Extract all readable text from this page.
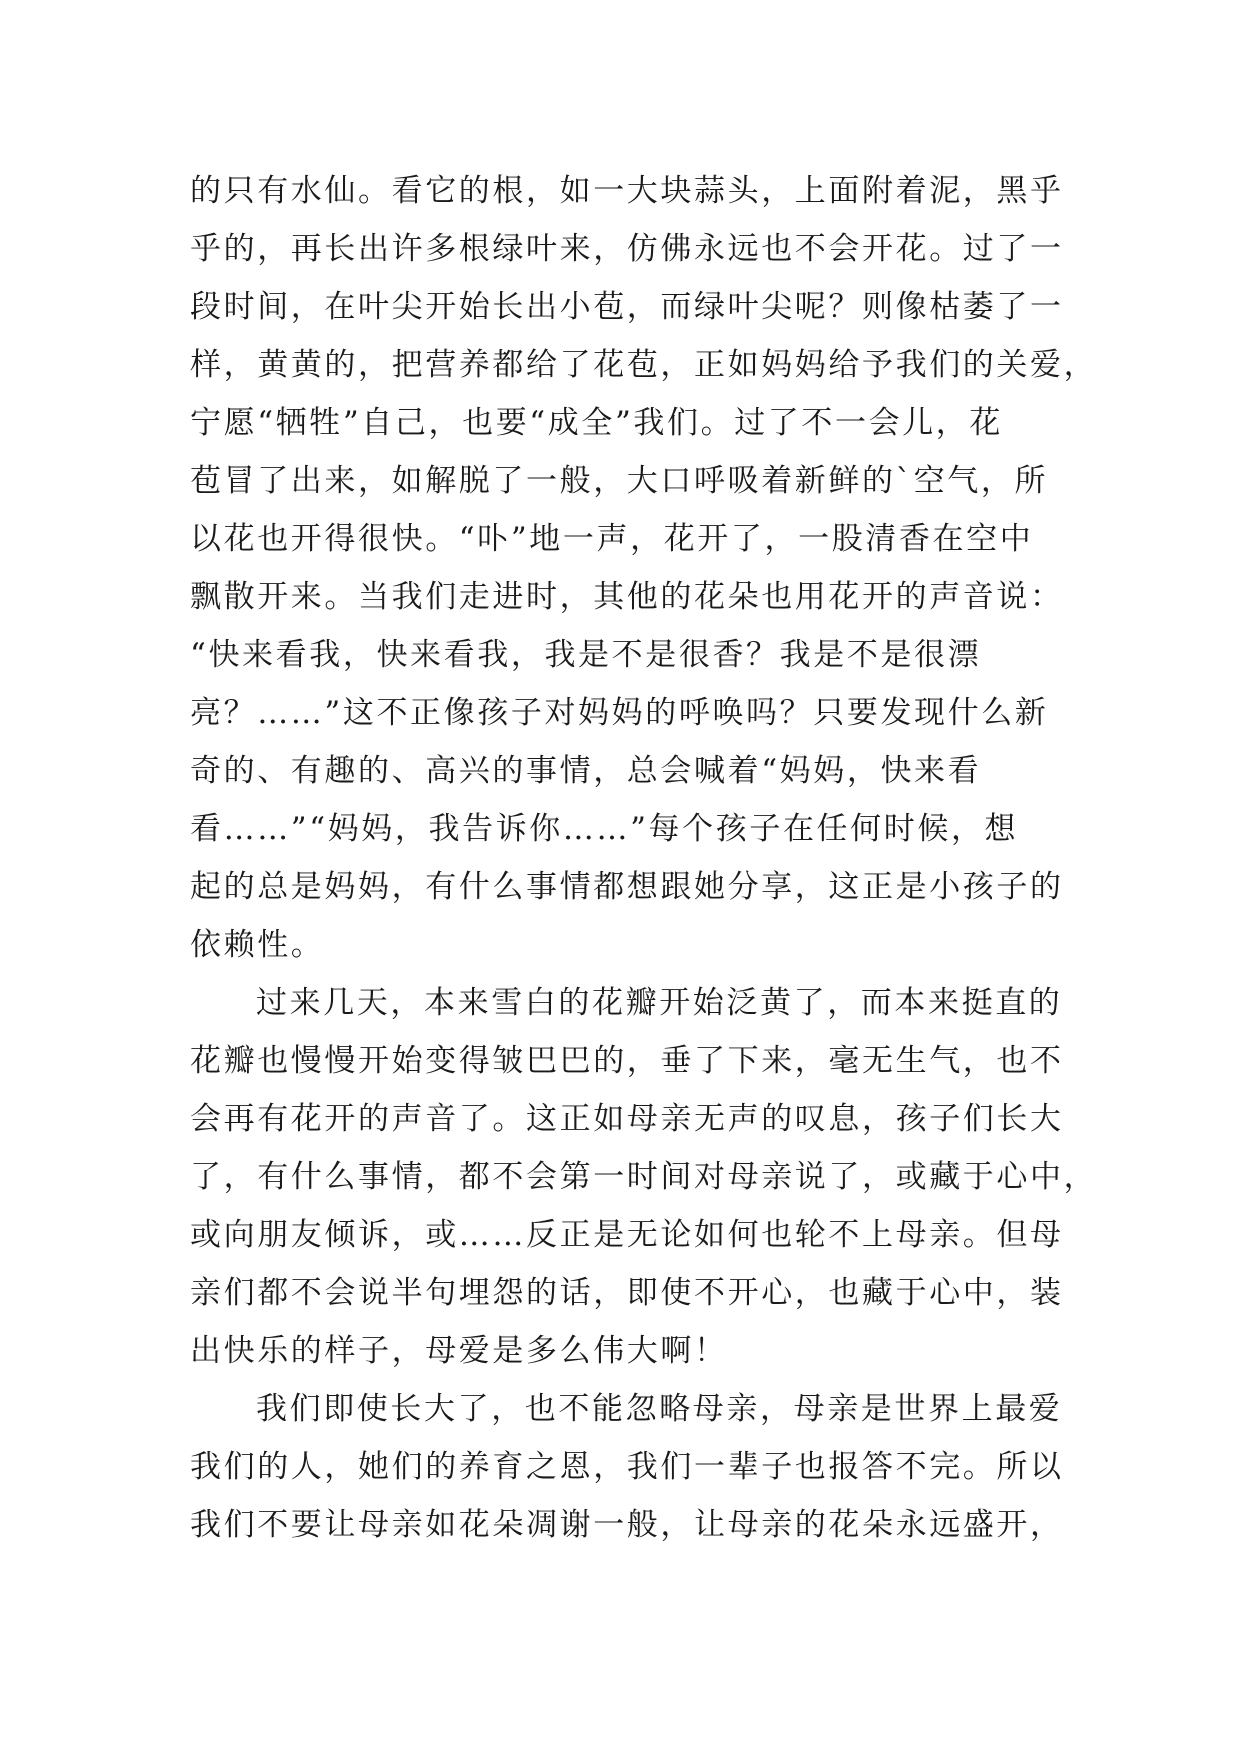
的只有水仙。看它的根，如一大块蒜头，上面附着泥，黑乎
乎的，再长出许多根绿叶来，仿佛永远也不会开花。过了一
段时间，在叶尖开始长出小苞，而绿叶尖呢？则像枯萎了一
样，黄黄的，把营养都给了花苞，正如妈妈给予我们的关爱，
宁愿“牺牲”自己，也要“成全”我们。过了不一会儿，花
苞冒了出来，如解脱了一般，大口呼吸着新鲜的`空气，所
以花也开得很快。“卟”地一声，花开了，一股清香在空中
飘散开来。当我们走进时，其他的花朵也用花开的声音说：
“快来看我，快来看我，我是不是很香？我是不是很漂
亮？……”这不正像孩子对妈妈的呼唤吗？只要发现什么新
奇的、有趣的、高兴的事情，总会喊着“妈妈，快来看
看……”“妈妈，我告诉你……”每个孩子在任何时候，想
起的总是妈妈，有什么事情都想跟她分享，这正是小孩子的
依赖性。
过来几天，本来雪白的花瓣开始泛黄了，而本来挺直的
花瓣也慢慢开始变得皱巴巴的，垂了下来，毫无生气，也不
会再有花开的声音了。这正如母亲无声的叹息，孩子们长大
了，有什么事情，都不会第一时间对母亲说了，或藏于心中，
或向朋友倾诉，或……反正是无论如何也轮不上母亲。但母
亲们都不会说半句埋怨的话，即使不开心，也藏于心中，装
出快乐的样子，母爱是多么伟大啊！
我们即使长大了，也不能忽略母亲，母亲是世界上最爱
我们的人，她们的养育之恩，我们一辈子也报答不完。所以
我们不要让母亲如花朵凋谢一般，让母亲的花朵永远盛开，
